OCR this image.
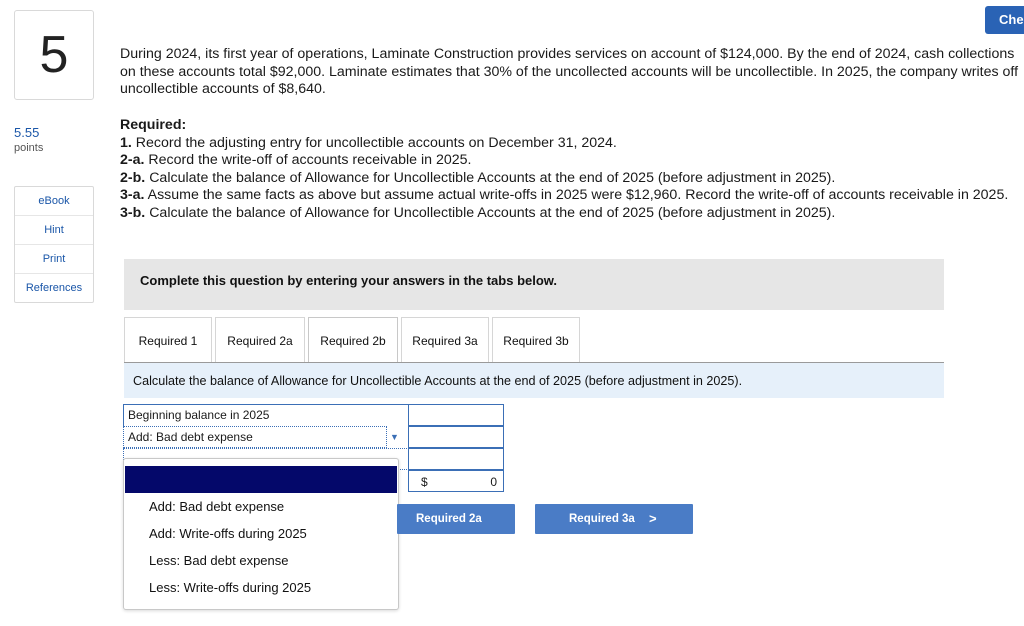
Che
5
5.55
points
eBook
Hint
Print
References
During 2024, its first year of operations, Laminate Construction provides services on account of $124,000. By the end of 2024, cash collections on these accounts total $92,000. Laminate estimates that 30% of the uncollected accounts will be uncollectible. In 2025, the company writes off uncollectible accounts of $8,640.
Required:
1. Record the adjusting entry for uncollectible accounts on December 31, 2024.
2-a. Record the write-off of accounts receivable in 2025.
2-b. Calculate the balance of Allowance for Uncollectible Accounts at the end of 2025 (before adjustment in 2025).
3-a. Assume the same facts as above but assume actual write-offs in 2025 were $12,960. Record the write-off of accounts receivable in 2025.
3-b. Calculate the balance of Allowance for Uncollectible Accounts at the end of 2025 (before adjustment in 2025).
Complete this question by entering your answers in the tabs below.
Required 1	Required 2a	Required 2b	Required 3a	Required 3b
Calculate the balance of Allowance for Uncollectible Accounts at the end of 2025 (before adjustment in 2025).
Beginning balance in 2025
Add: Bad debt expense	▼
$	0
Add: Bad debt expense
Add: Write-offs during 2025
Less: Bad debt expense
Less: Write-offs during 2025
Required 2a	Required 3a >
